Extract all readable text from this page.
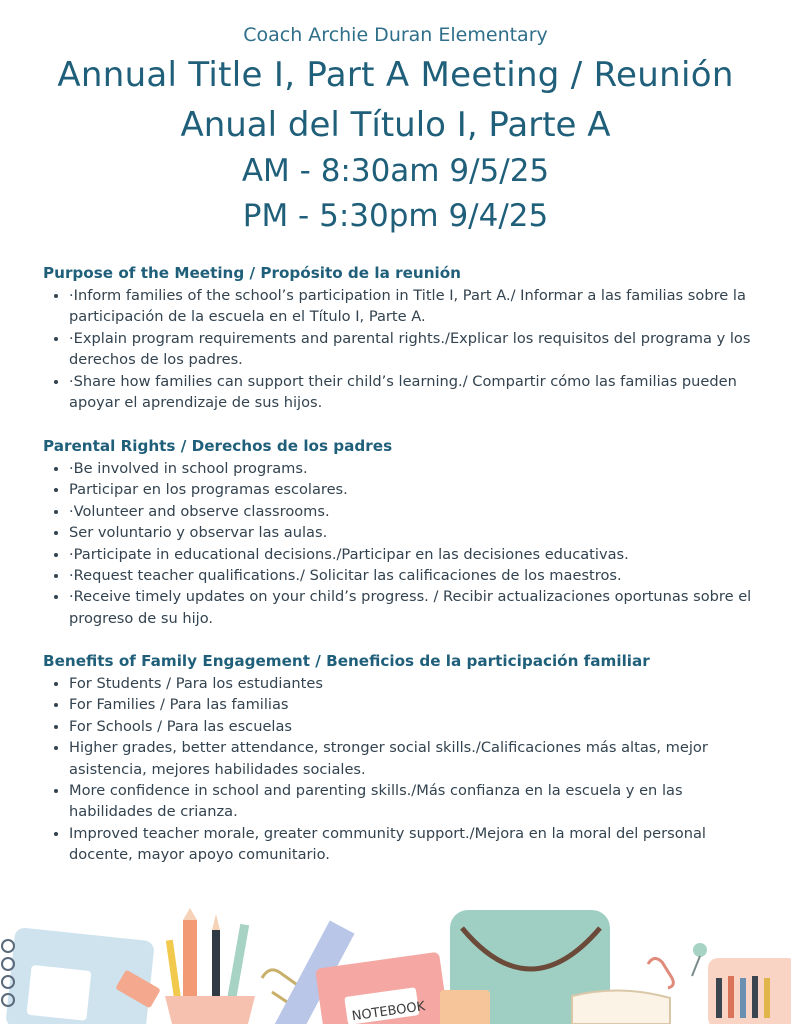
Coach Archie Duran Elementary
Annual Title I, Part A Meeting / Reunión
Anual del Título I, Parte A
AM - 8:30am 9/5/25
PM - 5:30pm 9/4/25
Purpose of the Meeting / Propósito de la reunión
• ·Inform families of the school’s participation in Title I, Part A./ Informar a las familias sobre la participación de la escuela en el Título I, Parte A.
• ·Explain program requirements and parental rights./Explicar los requisitos del programa y los derechos de los padres.
• ·Share how families can support their child’s learning./ Compartir cómo las familias pueden apoyar el aprendizaje de sus hijos.
Parental Rights / Derechos de los padres
• ·Be involved in school programs.
• Participar en los programas escolares.
• ·Volunteer and observe classrooms.
• Ser voluntario y observar las aulas.
• ·Participate in educational decisions./Participar en las decisiones educativas.
• ·Request teacher qualifications./ Solicitar las calificaciones de los maestros.
• ·Receive timely updates on your child’s progress. / Recibir actualizaciones oportunas sobre el progreso de su hijo.
Benefits of Family Engagement / Beneficios de la participación familiar
• For Students / Para los estudiantes
• For Families / Para las familias
• For Schools / Para las escuelas
• Higher grades, better attendance, stronger social skills./Calificaciones más altas, mejor asistencia, mejores habilidades sociales.
• More confidence in school and parenting skills./Más confianza en la escuela y en las habilidades de crianza.
• Improved teacher morale, greater community support./Mejora en la moral del personal docente, mayor apoyo comunitario.
NOTEBOOK
